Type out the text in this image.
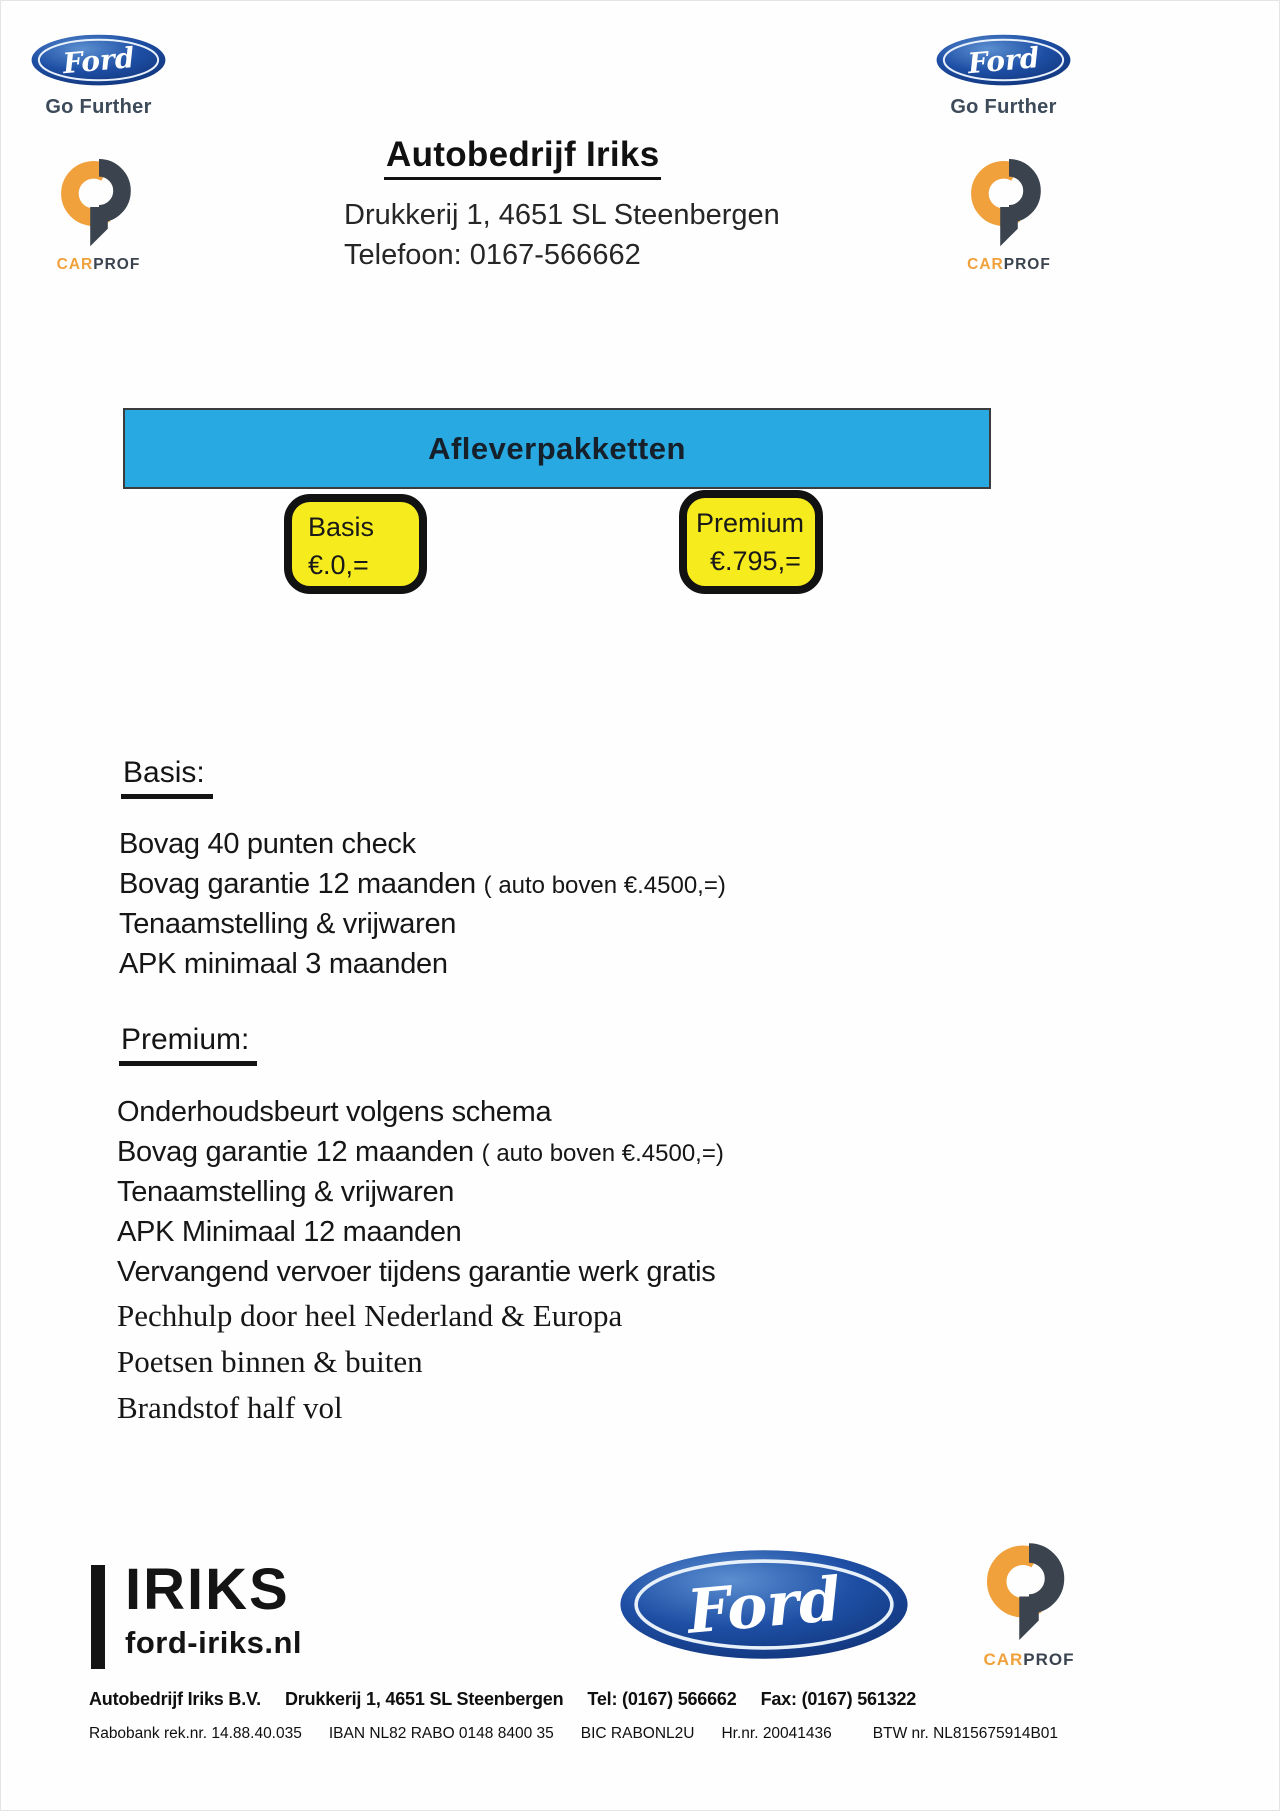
Ford
Go Further
CARPROF
Ford
Go Further
CARPROF
Autobedrijf Iriks
Drukkerij 1, 4651 SL Steenbergen
Telefoon: 0167-566662
Afleverpakketten
Basis
€.0,=
Premium
€.795,=
Basis:
Bovag 40 punten check
Bovag garantie 12 maanden ( auto boven €.4500,=)
Tenaamstelling & vrijwaren
APK minimaal 3 maanden
Premium:
Onderhoudsbeurt volgens schema
Bovag garantie 12 maanden ( auto boven €.4500,=)
Tenaamstelling & vrijwaren
APK Minimaal 12 maanden
Vervangend vervoer tijdens garantie werk gratis
Pechhulp door heel Nederland & Europa
Poetsen binnen & buiten
Brandstof half vol
IRIKS
ford-iriks.nl	Ford
CARPROF
Autobedrijf Iriks B.V. Drukkerij 1, 4651 SL Steenbergen Tel: (0167) 566662 Fax: (0167) 561322
Rabobank rek.nr. 14.88.40.035 IBAN NL82 RABO 0148 8400 35 BIC RABONL2U Hr.nr. 20041436	BTW nr. NL815675914B01
